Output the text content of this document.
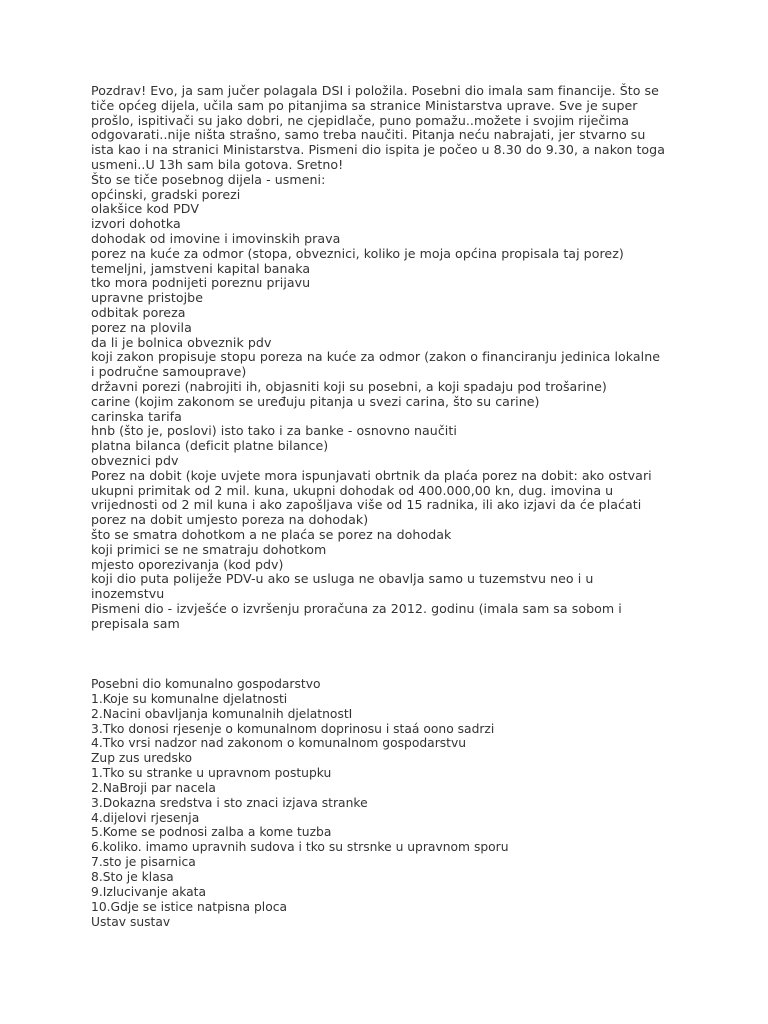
Pozdrav! Evo, ja sam jučer polagala DSI i položila. Posebni dio imala sam financije. Što se
tiče općeg dijela, učila sam po pitanjima sa stranice Ministarstva uprave. Sve je super
prošlo, ispitivači su jako dobri, ne cjepidlače, puno pomažu..možete i svojim riječima
odgovarati..nije ništa strašno, samo treba naučiti. Pitanja neću nabrajati, jer stvarno su
ista kao i na stranici Ministarstva. Pismeni dio ispita je počeo u 8.30 do 9.30, a nakon toga
usmeni..U 13h sam bila gotova. Sretno!
Što se tiče posebnog dijela - usmeni:
općinski, gradski porezi
olakšice kod PDV
izvori dohotka
dohodak od imovine i imovinskih prava
porez na kuće za odmor (stopa, obveznici, koliko je moja općina propisala taj porez)
temeljni, jamstveni kapital banaka
tko mora podnijeti poreznu prijavu
upravne pristojbe
odbitak poreza
porez na plovila
da li je bolnica obveznik pdv
koji zakon propisuje stopu poreza na kuće za odmor (zakon o financiranju jedinica lokalne
i područne samouprave)
državni porezi (nabrojiti ih, objasniti koji su posebni, a koji spadaju pod trošarine)
carine (kojim zakonom se uređuju pitanja u svezi carina, što su carine)
carinska tarifa
hnb (što je, poslovi) isto tako i za banke - osnovno naučiti
platna bilanca (deficit platne bilance)
obveznici pdv
Porez na dobit (koje uvjete mora ispunjavati obrtnik da plaća porez na dobit: ako ostvari
ukupni primitak od 2 mil. kuna, ukupni dohodak od 400.000,00 kn, dug. imovina u
vrijednosti od 2 mil kuna i ako zapošljava više od 15 radnika, ili ako izjavi da će plaćati
porez na dobit umjesto poreza na dohodak)
što se smatra dohotkom a ne plaća se porez na dohodak
koji primici se ne smatraju dohotkom
mjesto oporezivanja (kod pdv)
koji dio puta poliježe PDV-u ako se usluga ne obavlja samo u tuzemstvu neo i u
inozemstvu
Pismeni dio - izvješće o izvršenju proračuna za 2012. godinu (imala sam sa sobom i
prepisala sam
Posebni dio komunalno gospodarstvo
1.Koje su komunalne djelatnosti
2.Nacini obavljanja komunalnih djelatnostI
3.Tko donosi rjesenje o komunalnom doprinosu i staá oono sadrzi
4.Tko vrsi nadzor nad zakonom o komunalnom gospodarstvu
Zup zus uredsko
1.Tko su stranke u upravnom postupku
2.NaBroji par nacela
3.Dokazna sredstva i sto znaci izjava stranke
4.dijelovi rjesenja
5.Kome se podnosi zalba a kome tuzba
6.koliko. imamo upravnih sudova i tko su strsnke u upravnom sporu
7.sto je pisarnica
8.Sto je klasa
9.Izlucivanje akata
10.Gdje se istice natpisna ploca
Ustav sustav
